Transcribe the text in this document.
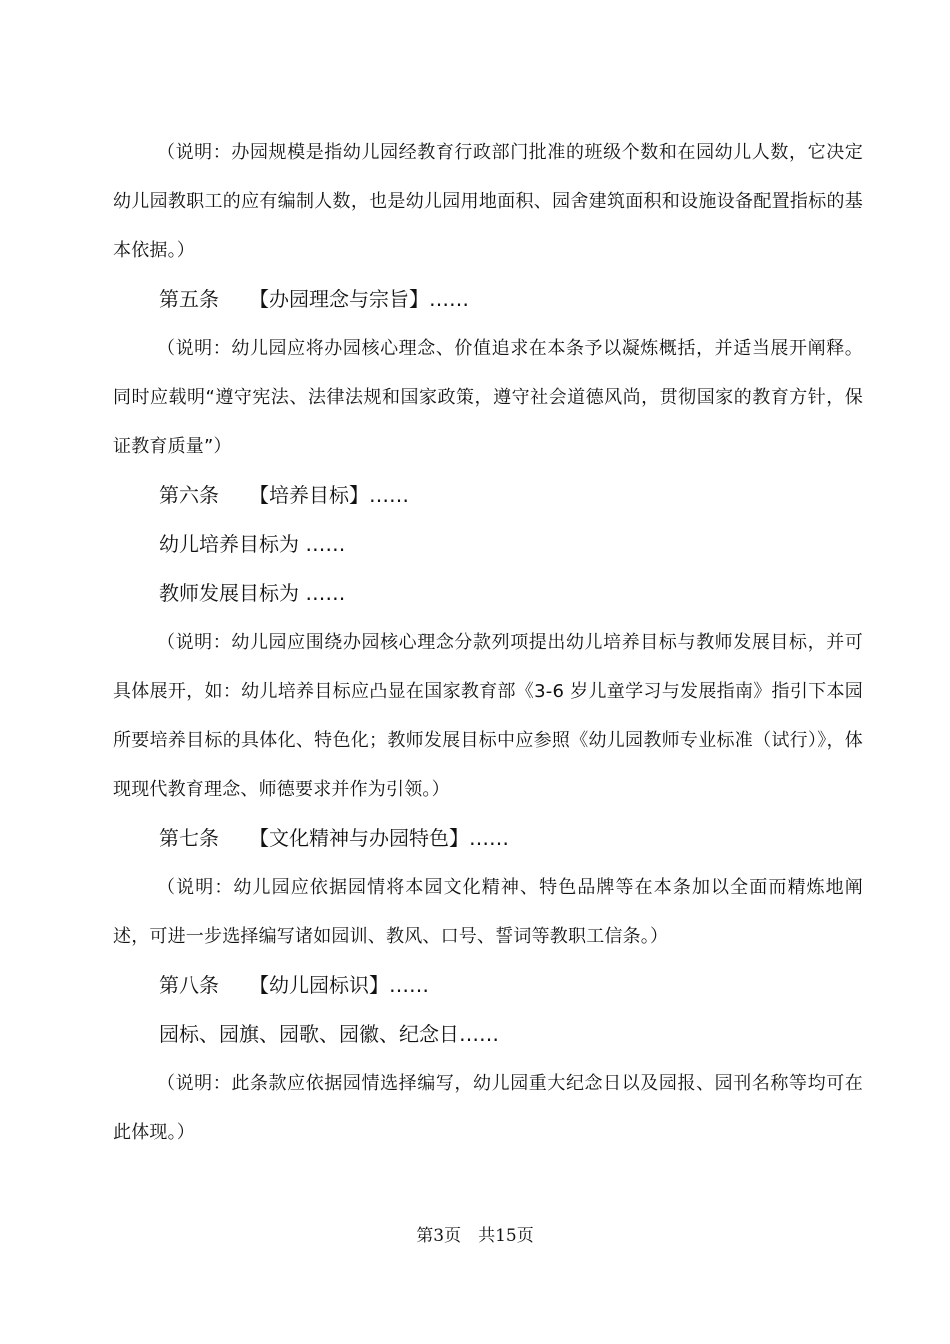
（说明：办园规模是指幼儿园经教育行政部门批准的班级个数和在园幼儿人数，它决定幼儿园教职工的应有编制人数，也是幼儿园用地面积、园舍建筑面积和设施设备配置指标的基本依据。）

第五条 【办园理念与宗旨】……

（说明：幼儿园应将办园核心理念、价值追求在本条予以凝炼概括，并适当展开阐释。同时应载明“遵守宪法、法律法规和国家政策，遵守社会道德风尚，贯彻国家的教育方针，保证教育质量”）

第六条 【培养目标】……

幼儿培养目标为 ……

教师发展目标为 ……

（说明：幼儿园应围绕办园核心理念分款列项提出幼儿培养目标与教师发展目标，并可具体展开，如：幼儿培养目标应凸显在国家教育部《3-6 岁儿童学习与发展指南》指引下本园所要培养目标的具体化、特色化；教师发展目标中应参照《幼儿园教师专业标准（试行）》，体现现代教育理念、师德要求并作为引领。）

第七条 【文化精神与办园特色】……

（说明：幼儿园应依据园情将本园文化精神、特色品牌等在本条加以全面而精炼地阐述，可进一步选择编写诸如园训、教风、口号、誓词等教职工信条。）

第八条 【幼儿园标识】……

园标、园旗、园歌、园徽、纪念日……

（说明：此条款应依据园情选择编写，幼儿园重大纪念日以及园报、园刊名称等均可在此体现。）

第3页　共15页
